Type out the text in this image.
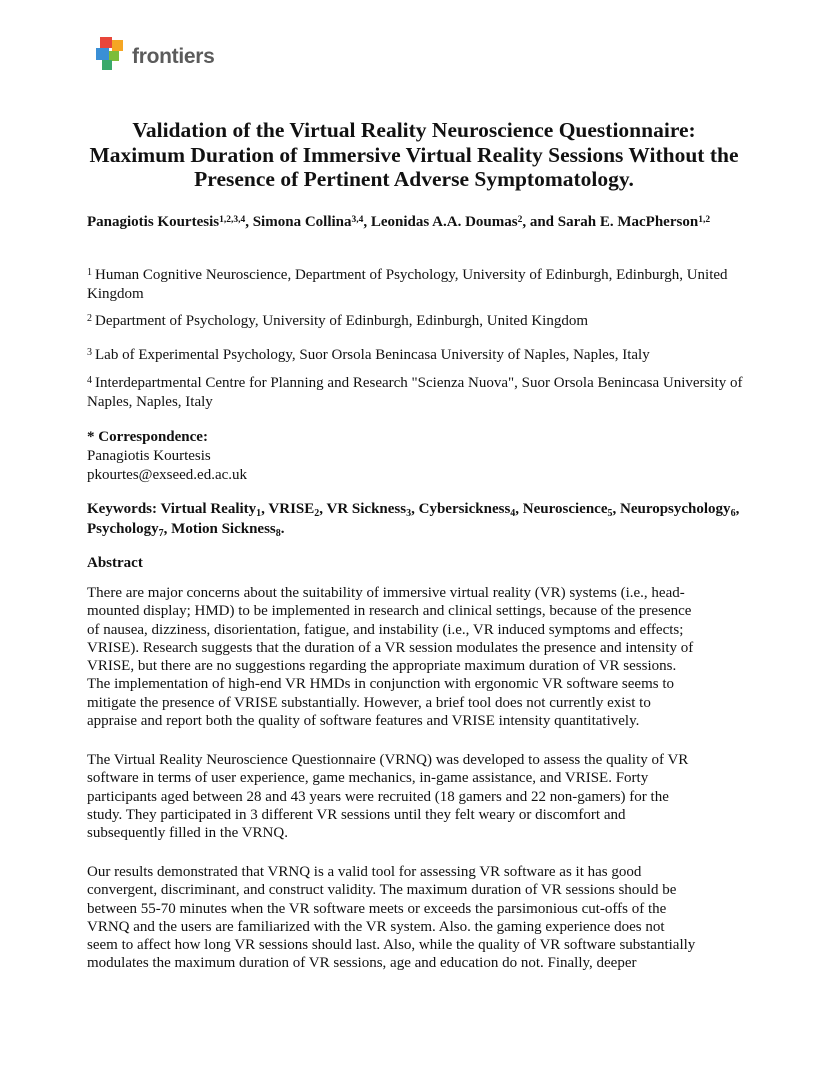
frontiers
Validation of the Virtual Reality Neuroscience Questionnaire:
Maximum Duration of Immersive Virtual Reality Sessions Without the
Presence of Pertinent Adverse Symptomatology.
Panagiotis Kourtesis$^{1,2,3,4}$, Simona Collina$^{3,4}$, Leonidas A.A. Doumas$^2$, and Sarah E. MacPherson$^{1,2}$
$^1$ Human Cognitive Neuroscience, Department of Psychology, University of Edinburgh, Edinburgh, United Kingdom
$^2$ Department of Psychology, University of Edinburgh, Edinburgh, United Kingdom
$^3$ Lab of Experimental Psychology, Suor Orsola Benincasa University of Naples, Naples, Italy
$^4$ Interdepartmental Centre for Planning and Research "Scienza Nuova", Suor Orsola Benincasa University of Naples, Naples, Italy
* Correspondence:
Panagiotis Kourtesis
pkourtes@exseed.ed.ac.uk
Keywords: Virtual Reality$_1$, $VRISE_2$, VR Sickness$_3$, Cybersickness$_4$, Neuroscience$_5$, Neuropsychology$_6$, Psychology$_7$, Motion Sickness$_8$.
Abstract
There are major concerns about the suitability of immersive virtual reality (VR) systems (i.e., head-
mounted display; HMD) to be implemented in research and clinical settings, because of the presence
of nausea, dizziness, disorientation, fatigue, and instability (i.e., VR induced symptoms and effects;
VRISE). Research suggests that the duration of a VR session modulates the presence and intensity of
VRISE, but there are no suggestions regarding the appropriate maximum duration of VR sessions.
The implementation of high-end VR HMDs in conjunction with ergonomic VR software seems to
mitigate the presence of VRISE substantially. However, a brief tool does not currently exist to
appraise and report both the quality of software features and VRISE intensity quantitatively.
The Virtual Reality Neuroscience Questionnaire (VRNQ) was developed to assess the quality of VR
software in terms of user experience, game mechanics, in-game assistance, and VRISE. Forty
participants aged between 28 and 43 years were recruited (18 gamers and 22 non-gamers) for the
study. They participated in 3 different VR sessions until they felt weary or discomfort and
subsequently filled in the VRNQ.
Our results demonstrated that VRNQ is a valid tool for assessing VR software as it has good
convergent, discriminant, and construct validity. The maximum duration of VR sessions should be
between 55-70 minutes when the VR software meets or exceeds the parsimonious cut-offs of the
VRNQ and the users are familiarized with the VR system. Also. the gaming experience does not
seem to affect how long VR sessions should last. Also, while the quality of VR software substantially
modulates the maximum duration of VR sessions, age and education do not. Finally, deeper
